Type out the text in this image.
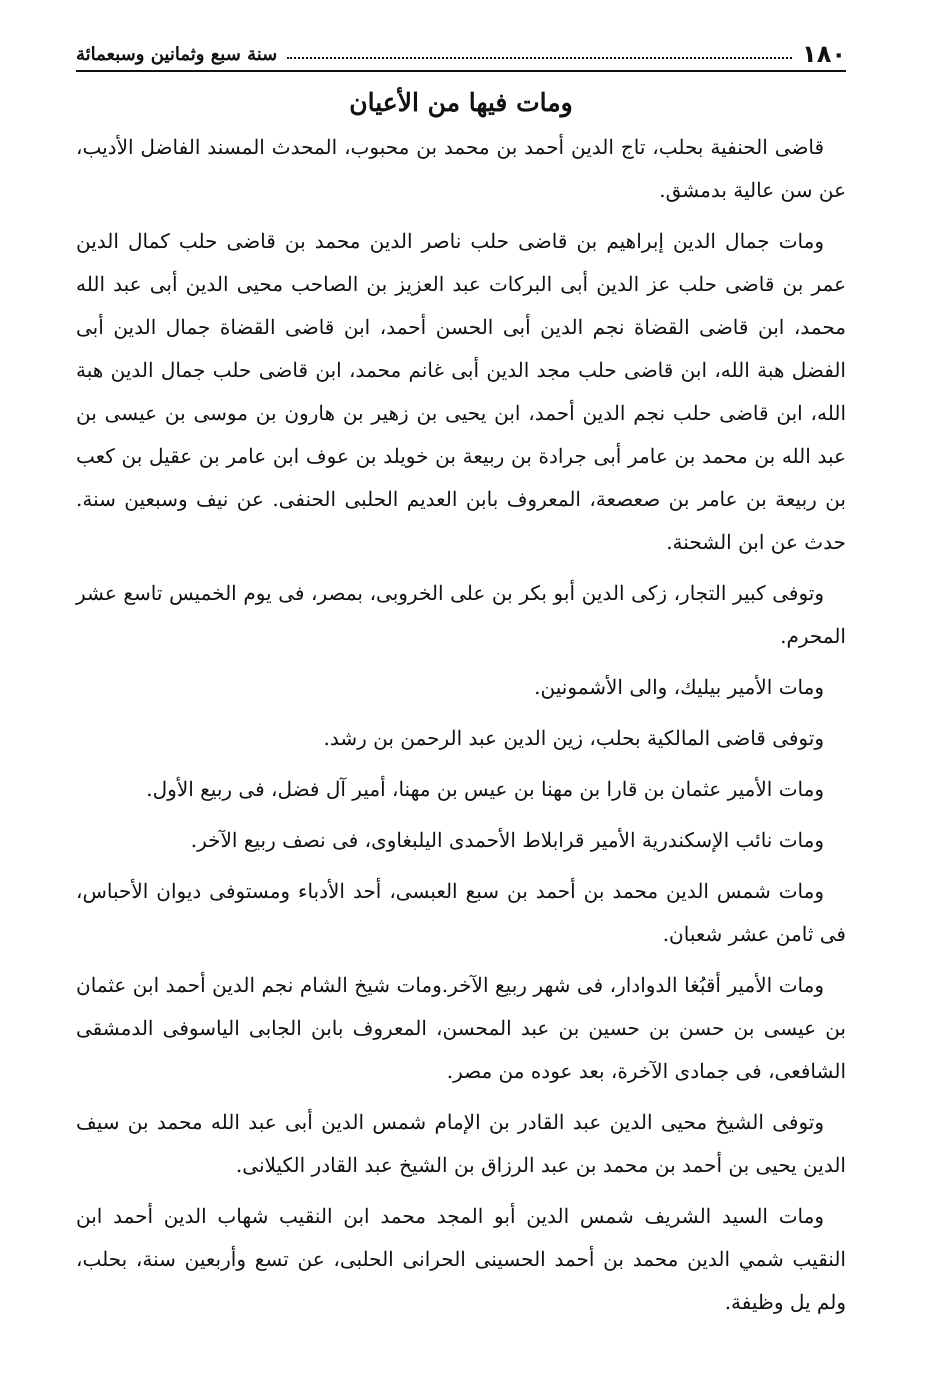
١٨٠
سنة سبع وثمانين وسبعمائة
ومات فيها من الأعيان

قاضى الحنفية بحلب، تاج الدين أحمد بن محمد بن محبوب، المحدث المسند الفاضل الأديب، عن سن عالية بدمشق.

ومات جمال الدين إبراهيم بن قاضى حلب ناصر الدين محمد بن قاضى حلب كمال الدين عمر بن قاضى حلب عز الدين أبى البركات عبد العزيز بن الصاحب محيى الدين أبى عبد الله محمد، ابن قاضى القضاة نجم الدين أبى الحسن أحمد، ابن قاضى القضاة جمال الدين أبى الفضل هبة الله، ابن قاضى حلب مجد الدين أبى غانم محمد، ابن قاضى حلب جمال الدين هبة الله، ابن قاضى حلب نجم الدين أحمد، ابن يحيى بن زهير بن هارون بن موسى بن عيسى بن عبد الله بن محمد بن عامر أبى جرادة بن ربيعة بن خويلد بن عوف ابن عامر بن عقيل بن كعب بن ربيعة بن عامر بن صعصعة، المعروف بابن العديم الحلبى الحنفى. عن نيف وسبعين سنة. حدث عن ابن الشحنة.

وتوفى كبير التجار، زكى الدين أبو بكر بن على الخروبى، بمصر، فى يوم الخميس تاسع عشر المحرم.

ومات الأمير بيليك، والى الأشمونين.

وتوفى قاضى المالكية بحلب، زين الدين عبد الرحمن بن رشد.

ومات الأمير عثمان بن قارا بن مهنا بن عيس بن مهنا، أمير آل فضل، فى ربيع الأول.

ومات نائب الإسكندرية الأمير قرابلاط الأحمدى اليلبغاوى، فى نصف ربيع الآخر.

ومات شمس الدين محمد بن أحمد بن سبع العبسى، أحد الأدباء ومستوفى ديوان الأحباس، فى ثامن عشر شعبان.

ومات الأمير أقبُغا الدوادار، فى شهر ربيع الآخر.ومات شيخ الشام نجم الدين أحمد ابن عثمان بن عيسى بن حسن بن حسين بن عبد المحسن، المعروف بابن الجابى الياسوفى الدمشقى الشافعى، فى جمادى الآخرة، بعد عوده من مصر.

وتوفى الشيخ محيى الدين عبد القادر بن الإمام شمس الدين أبى عبد الله محمد بن سيف الدين يحيى بن أحمد بن محمد بن عبد الرزاق بن الشيخ عبد القادر الكيلانى.

ومات السيد الشريف شمس الدين أبو المجد محمد ابن النقيب شهاب الدين أحمد ابن النقيب شمي الدين محمد بن أحمد الحسينى الحرانى الحلبى، عن تسع وأربعين سنة، بحلب، ولم يل وظيفة.
